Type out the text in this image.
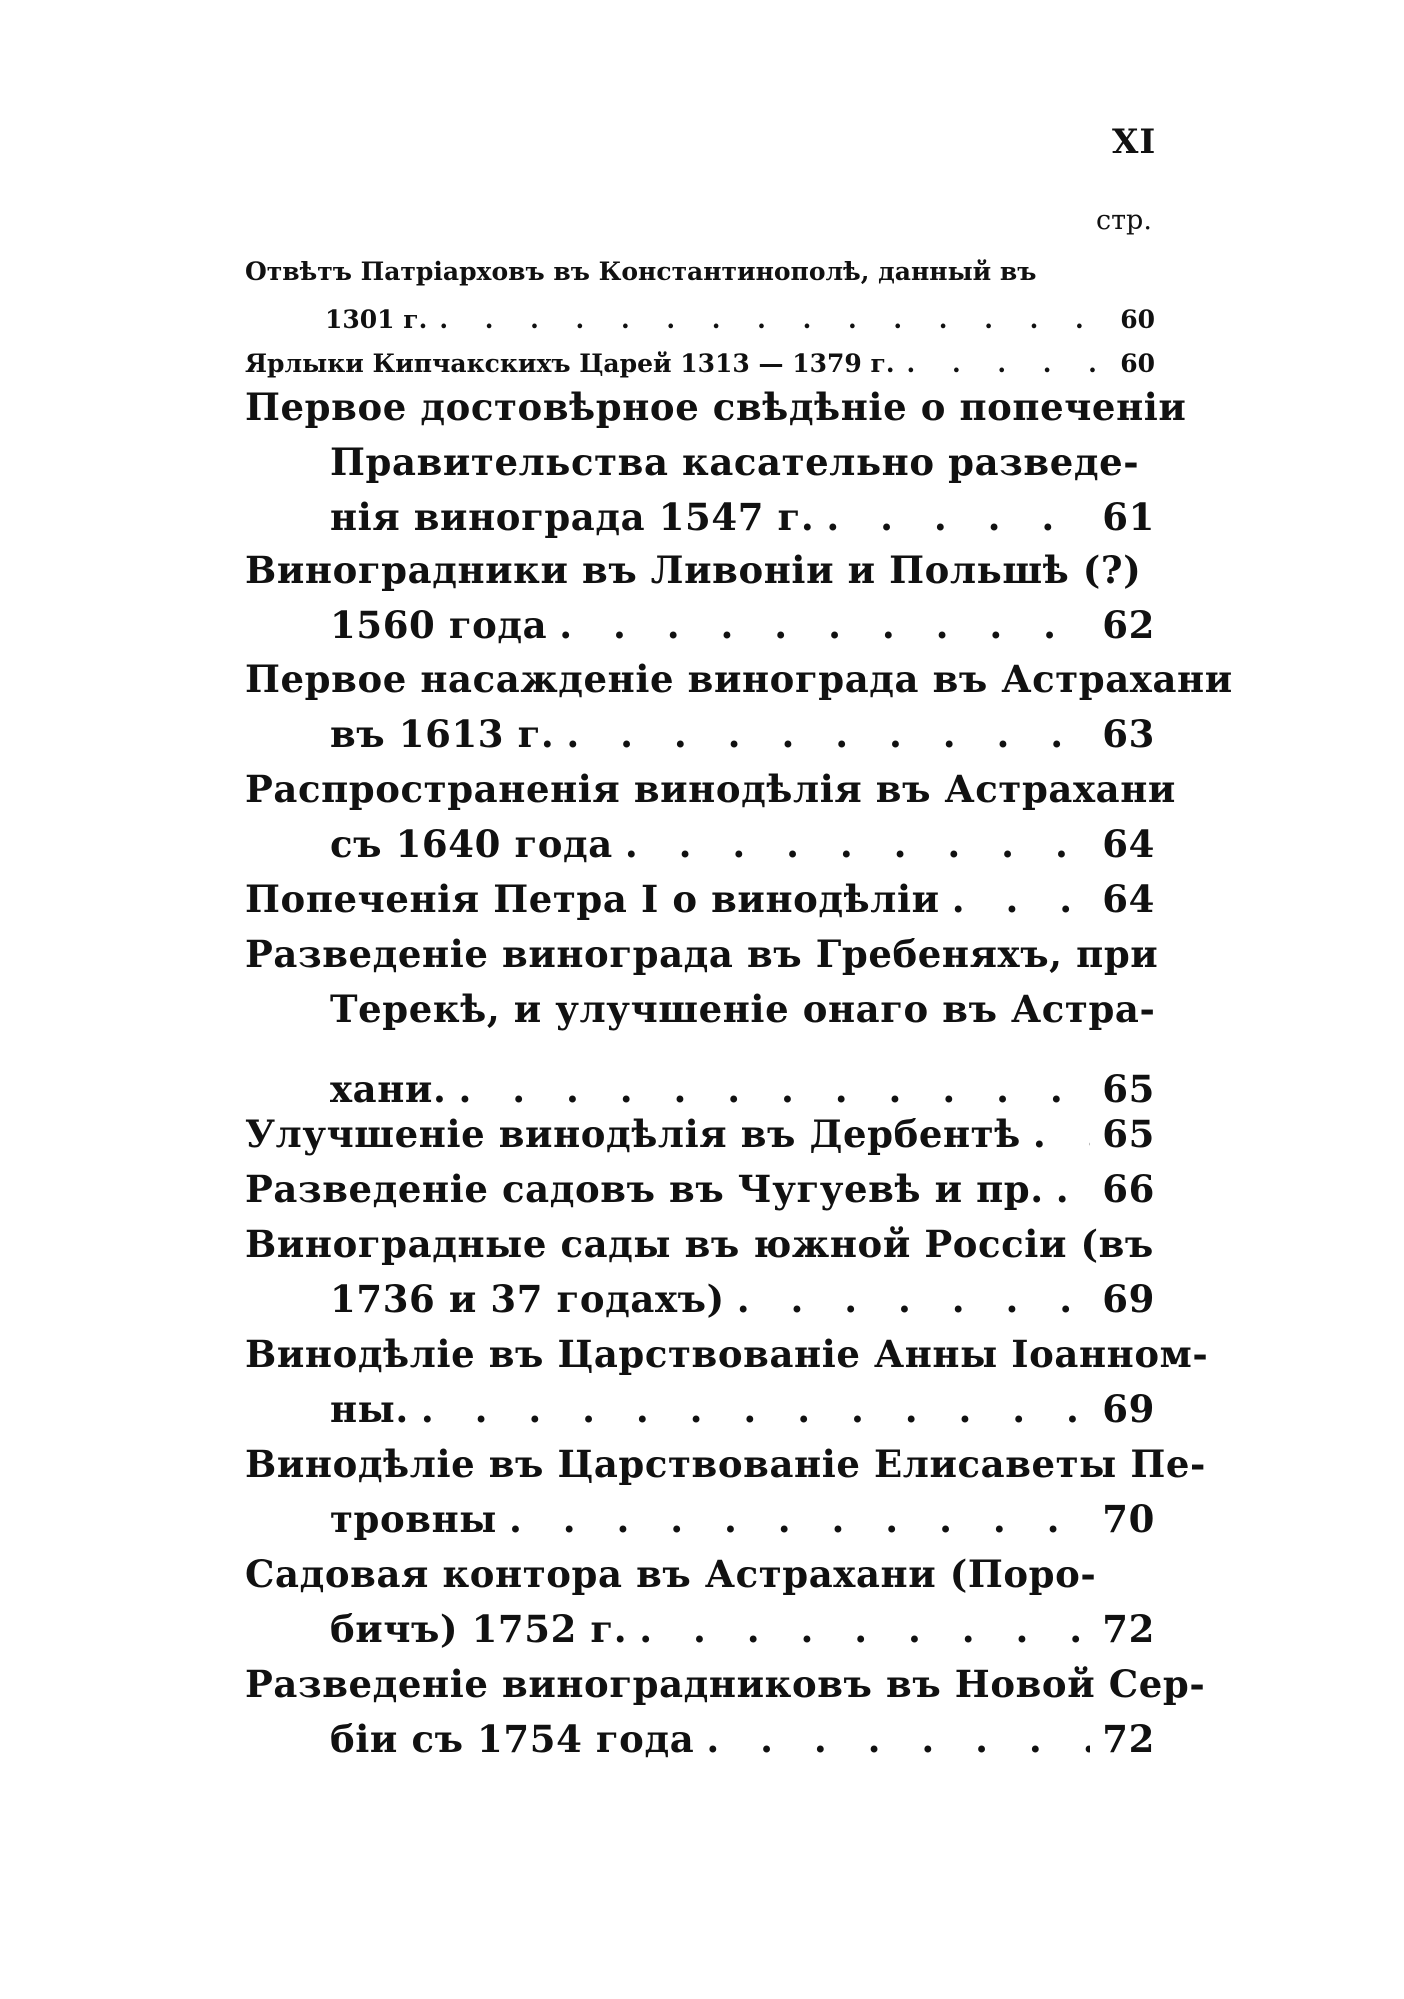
XI
стр.
Отвѣтъ Патріарховъ въ Константинополѣ, данный въ
1301 г. . . .	60
Ярлыки Кипчакскихъ Царей 1313 — 1379 г. . . .	60
Первое достовѣрное свѣдѣніе о попеченіи
Правительства касательно разведе-
нія винограда 1547 г. . . .	61
Виноградники въ Ливоніи и Польшѣ (?)
1560 года . . .	62
Первое насажденіе винограда въ Астрахани
въ 1613 г. . . .	63
Распространенія винодѣлія въ Астрахани
съ 1640 года . . .	64
Попеченія Петра I о винодѣліи . . .	64
Разведеніе винограда въ Гребеняхъ, при
Терекѣ, и улучшеніе онаго въ Астра-
хани. . . .	65
Улучшеніе винодѣлія въ Дербентѣ . . . 65
Разведеніе садовъ въ Чугуевѣ и пр. . . . 66
Виноградные сады въ южной Россіи (въ
1736 и 37 годахъ) . . .	69
Винодѣліе въ Царствованіе Анны Іоанном-
ны. . . .	69
Винодѣліе въ Царствованіе Елисаветы Пе-
тровны . . .	70
Садовая контора въ Астрахани (Поро-
бичъ) 1752 г. . . .	72
Разведеніе виноградниковъ въ Новой Сер-
біи съ 1754 года . . .	72
